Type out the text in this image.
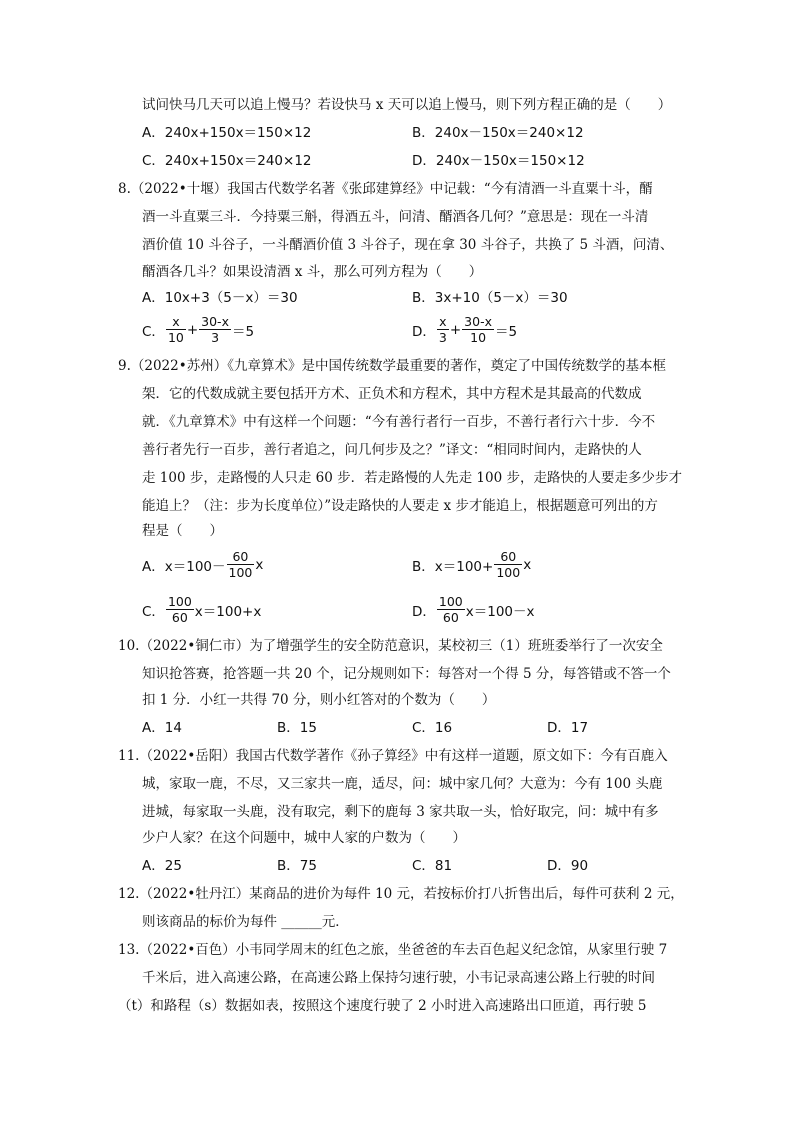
试问快马几天可以追上慢马？若设快马 x 天可以追上慢马，则下列方程正确的是（　　）
A．240x+150x＝150×12	B．240x－150x＝240×12
C．240x+150x＝240×12	D．240x－150x＝150×12
8.（2022•十堰）我国古代数学名著《张邱建算经》中记载：“今有清酒一斗直粟十斗，醑
酒一斗直粟三斗．今持粟三斛，得酒五斗，问清、醑酒各几何？”意思是：现在一斗清
酒价值 10 斗谷子，一斗醑酒价值 3 斗谷子，现在拿 30 斗谷子，共换了 5 斗酒，问清、
醑酒各几斗？如果设清酒 x 斗，那么可列方程为（　　）
A．10x+3（5－x）＝30	B．3x+10（5－x）＝30
C． $\frac{x}{10} + \frac{30-x}{3} =5$	D． $\frac{x}{3} + \frac{30-x}{10} =5$
9.（2022•苏州）《九章算术》是中国传统数学最重要的著作，奠定了中国传统数学的基本框
架．它的代数成就主要包括开方术、正负术和方程术，其中方程术是其最高的代数成
就．《九章算术》中有这样一个问题：“今有善行者行一百步，不善行者行六十步．今不
善行者先行一百步，善行者追之，问几何步及之？”译文：“相同时间内，走路快的人
走 100 步，走路慢的人只走 60 步．若走路慢的人先走 100 步，走路快的人要走多少步才
能追上？（注：步为长度单位）”设走路快的人要走 x 步才能追上，根据题意可列出的方
程是（　　）
A． $x=100- \frac{60}{100}$ x	B． $x=100+ \frac{60}{100}$ x
C． $\frac{100}{60} x=100+x$	D． $\frac{100}{60} x=100-x$
10.（2022•铜仁市）为了增强学生的安全防范意识，某校初三（1）班班委举行了一次安全
知识抢答赛，抢答题一共 20 个，记分规则如下：每答对一个得 5 分，每答错或不答一个
扣 1 分．小红一共得 70 分，则小红答对的个数为（　　）
A．14	B．15	C．16	D．17
11.（2022•岳阳）我国古代数学著作《孙子算经》中有这样一道题，原文如下：今有百鹿入
城，家取一鹿，不尽，又三家共一鹿，适尽，问：城中家几何？大意为：今有 100 头鹿
进城，每家取一头鹿，没有取完，剩下的鹿每 3 家共取一头，恰好取完，问：城中有多
少户人家？在这个问题中，城中人家的户数为（　　）
A．25	B．75	C．81	D．90
12.（2022•牡丹江）某商品的进价为每件 10 元，若按标价打八折售出后，每件可获利 2 元，
则该商品的标价为每件 ______元．
13.（2022•百色）小韦同学周末的红色之旅，坐爸爸的车去百色起义纪念馆，从家里行驶 7
千米后，进入高速公路，在高速公路上保持匀速行驶，小韦记录高速公路上行驶的时间
（t）和路程（s）数据如表，按照这个速度行驶了 2 小时进入高速路出口匝道，再行驶 5
